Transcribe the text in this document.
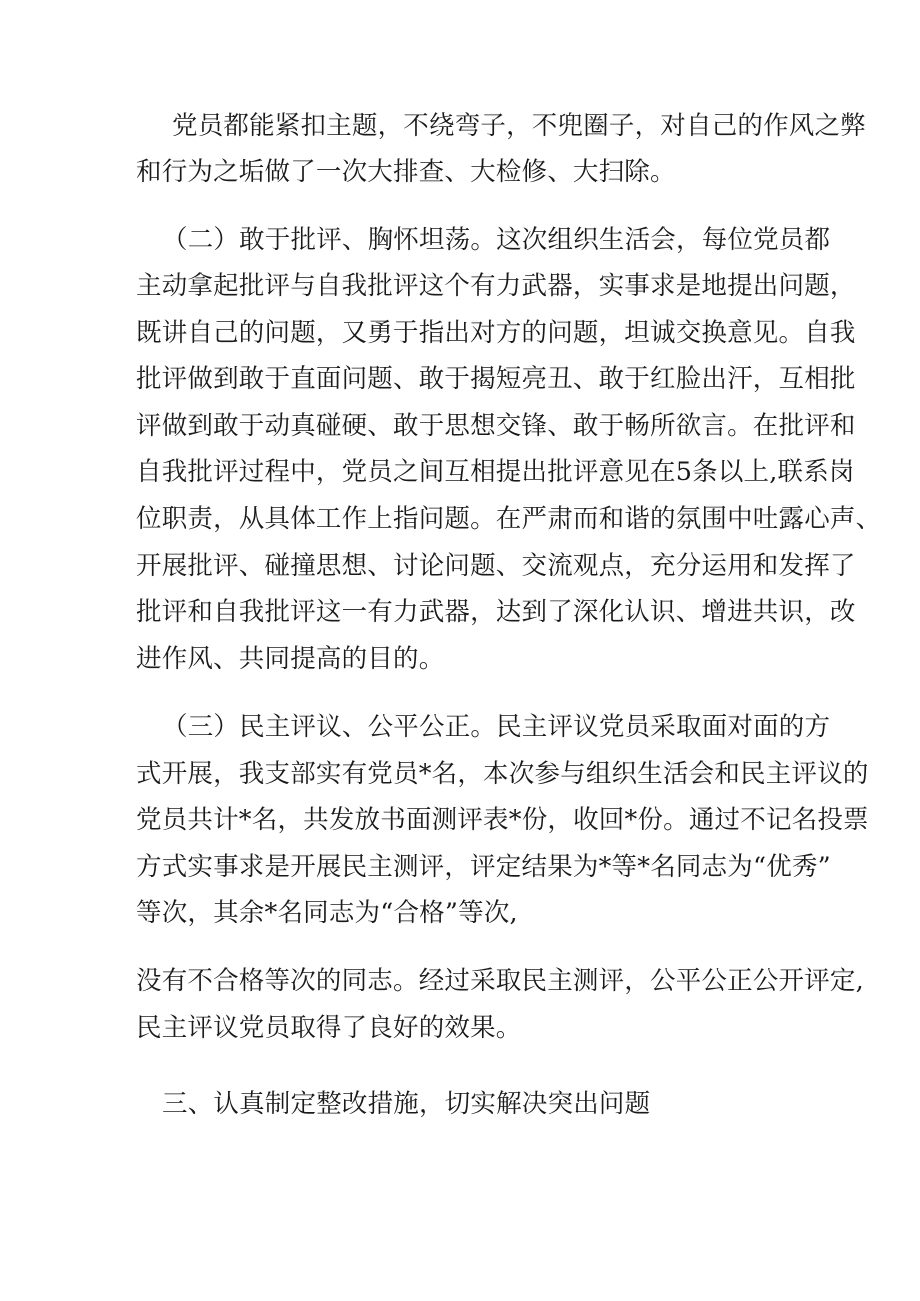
党员都能紧扣主题，不绕弯子，不兜圈子，对自己的作风之弊
和行为之垢做了一次大排查、大检修、大扫除。
（二）敢于批评、胸怀坦荡。这次组织生活会，每位党员都
主动拿起批评与自我批评这个有力武器，实事求是地提出问题，
既讲自己的问题，又勇于指出对方的问题，坦诚交换意见。自我
批评做到敢于直面问题、敢于揭短亮丑、敢于红脸出汗，互相批
评做到敢于动真碰硬、敢于思想交锋、敢于畅所欲言。在批评和
自我批评过程中，党员之间互相提出批评意见在5条以上,联系岗
位职责，从具体工作上指问题。在严肃而和谐的氛围中吐露心声、
开展批评、碰撞思想、讨论问题、交流观点，充分运用和发挥了
批评和自我批评这一有力武器，达到了深化认识、增进共识，改
进作风、共同提高的目的。
（三）民主评议、公平公正。民主评议党员采取面对面的方
式开展，我支部实有党员*名，本次参与组织生活会和民主评议的
党员共计*名，共发放书面测评表*份，收回*份。通过不记名投票
方式实事求是开展民主测评，评定结果为*等*名同志为“优秀”
等次，其余*名同志为“合格”等次,
没有不合格等次的同志。经过采取民主测评，公平公正公开评定,
民主评议党员取得了良好的效果。
三、认真制定整改措施，切实解决突出问题
